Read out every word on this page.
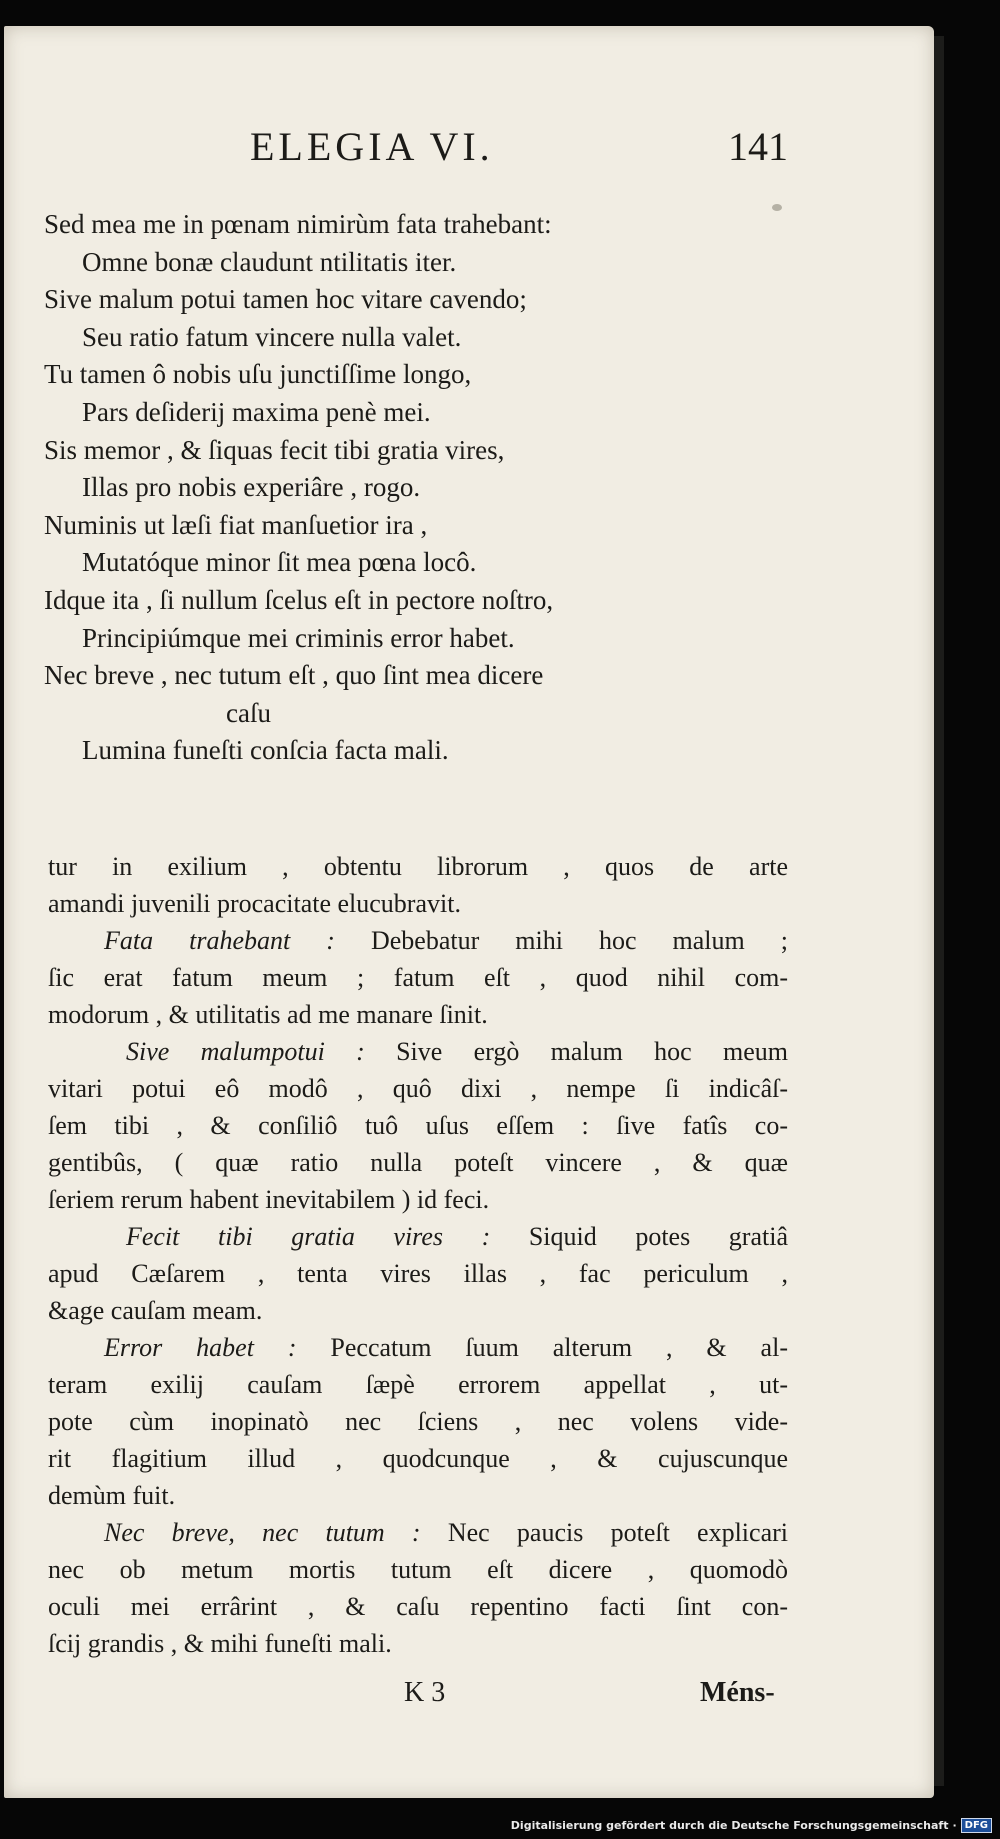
ELEGIA VI.	141
Sed mea me in pœnam nimirùm fata trahebant:
Omne bonæ claudunt ntilitatis iter.
Sive malum potui tamen hoc vitare cavendo;
Seu ratio fatum vincere nulla valet.
Tu tamen ô nobis uſu junctiſſime longo,
Pars deſiderij maxima penè mei.
Sis memor , & ſiquas fecit tibi gratia vires,
Illas pro nobis experiâre , rogo.
Numinis ut læſi fiat manſuetior ira ,
Mutatóque minor ſit mea pœna locô.
Idque ita , ſi nullum ſcelus eſt in pectore noſtro,
Principiúmque mei criminis error habet.
Nec breve , nec tutum eſt , quo ſint mea dicere
caſu
Lumina funeſti conſcia facta mali.
tur in exilium , obtentu librorum , quos de arte
amandi juvenili procacitate elucubravit.
Fata trahebant : Debebatur mihi hoc malum ;
ſic erat fatum meum ; fatum eſt , quod nihil com-
modorum , & utilitatis ad me manare ſinit.
Sive malumpotui : Sive ergò malum hoc meum
vitari potui eô modô , quô dixi , nempe ſi indicâſ-
ſem tibi , & conſiliô tuô uſus eſſem : ſive fatîs co-
gentibûs, ( quæ ratio nulla poteſt vincere , & quæ
ſeriem rerum habent inevitabilem ) id feci.
Fecit tibi gratia vires : Siquid potes gratiâ
apud Cæſarem , tenta vires illas , fac periculum ,
&age cauſam meam.
Error habet : Peccatum ſuum alterum , & al-
teram exilij cauſam ſæpè errorem appellat , ut-
pote cùm inopinatò nec ſciens , nec volens vide-
rit flagitium illud , quodcunque , & cujuscunque
demùm fuit.
Nec breve, nec tutum : Nec paucis poteſt explicari
nec ob metum mortis tutum eſt dicere , quomodò
oculi mei errârint , & caſu repentino facti ſint con-
ſcij grandis , & mihi funeſti mali.
K 3	Méns-
Digitalisierung gefördert durch die Deutsche Forschungsgemeinschaft · DFG
